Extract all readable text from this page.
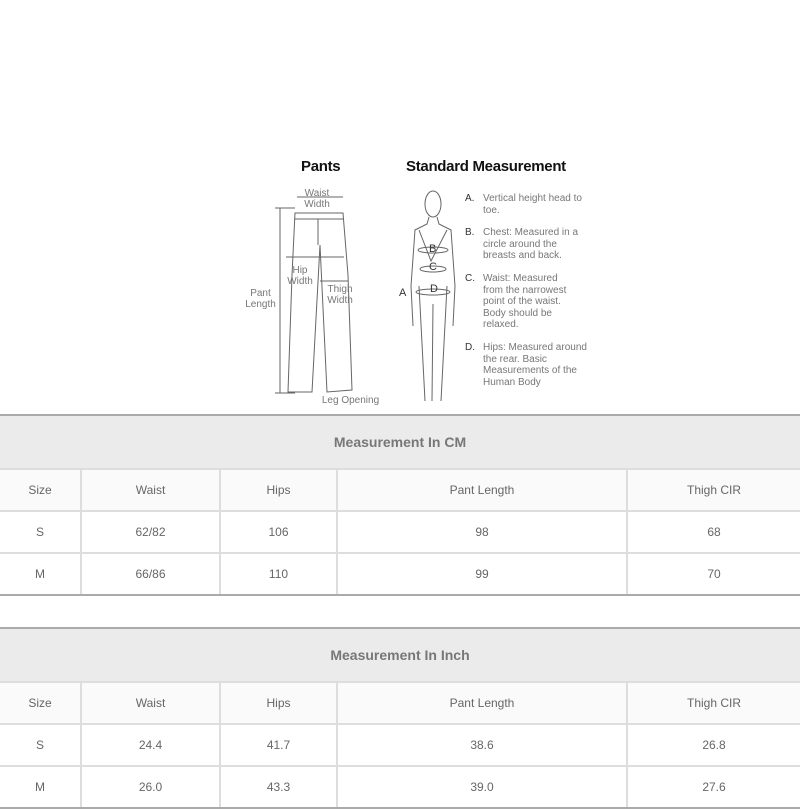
Pants	Standard Measurement
Waist Width
Hip Width
Thigh Width
Pant Length
Leg Opening
B
C
D
A
A. Vertical height head to toe.
B. Chest: Measured in a circle around the breasts and back.
C. Waist: Measured from the narrowest point of the waist. Body should be relaxed.
D. Hips: Measured around the rear. Basic Measurements of the Human Body
Measurement In CM
Size	Waist	Hips	Pant Length	Thigh CIR
S	62/82	106	98	68
M	66/86	110	99	70
Measurement In Inch
Size	Waist	Hips	Pant Length	Thigh CIR
S	24.4	41.7	38.6	26.8
M	26.0	43.3	39.0	27.6
